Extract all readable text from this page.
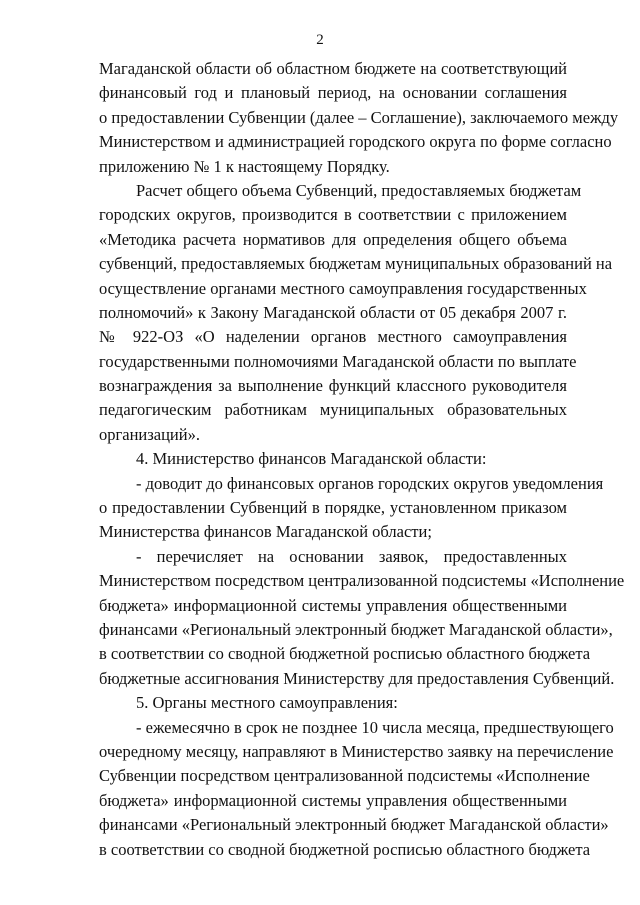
2
Магаданской области об областном бюджете на соответствующий
финансовый год и плановый период, на основании соглашения
о предоставлении Субвенции (далее – Соглашение), заключаемого между
Министерством и администрацией городского округа по форме согласно
приложению № 1 к настоящему Порядку.
Расчет общего объема Субвенций, предоставляемых бюджетам
городских округов, производится в соответствии с приложением
«Методика расчета нормативов для определения общего объема
субвенций, предоставляемых бюджетам муниципальных образований на
осуществление органами местного самоуправления государственных
полномочий» к Закону Магаданской области от 05 декабря 2007 г.
№ 922-ОЗ «О наделении органов местного самоуправления
государственными полномочиями Магаданской области по выплате
вознаграждения за выполнение функций классного руководителя
педагогическим работникам муниципальных образовательных
организаций».
4. Министерство финансов Магаданской области:
- доводит до финансовых органов городских округов уведомления
о предоставлении Субвенций в порядке, установленном приказом
Министерства финансов Магаданской области;
- перечисляет на основании заявок, предоставленных
Министерством посредством централизованной подсистемы «Исполнение
бюджета» информационной системы управления общественными
финансами «Региональный электронный бюджет Магаданской области»,
в соответствии со сводной бюджетной росписью областного бюджета
бюджетные ассигнования Министерству для предоставления Субвенций.
5. Органы местного самоуправления:
- ежемесячно в срок не позднее 10 числа месяца, предшествующего
очередному месяцу, направляют в Министерство заявку на перечисление
Субвенции посредством централизованной подсистемы «Исполнение
бюджета» информационной системы управления общественными
финансами «Региональный электронный бюджет Магаданской области»
в соответствии со сводной бюджетной росписью областного бюджета
